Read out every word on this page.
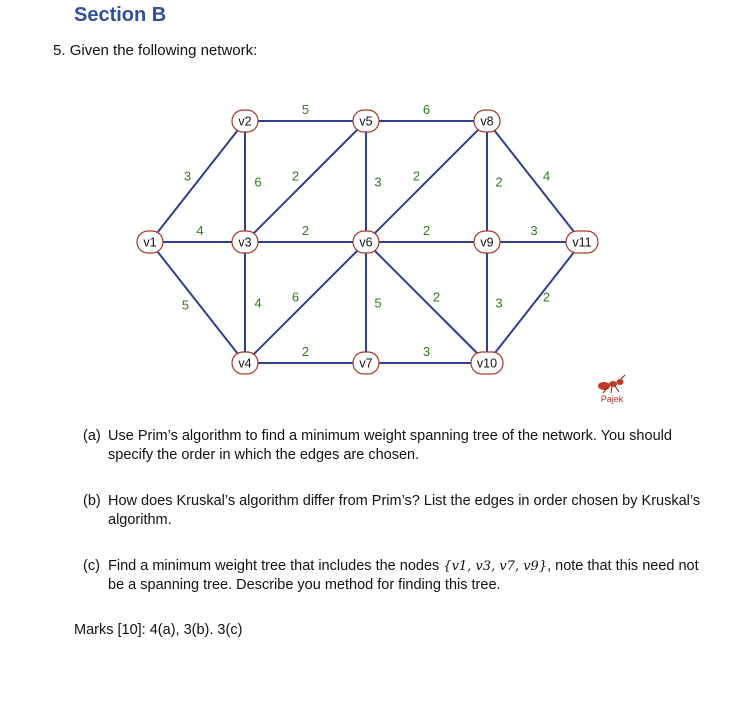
Section B
5. Given the following network:
3
4
5
5
6 2
2
4 6
2
6
3 2
2
5	2
3
2	4
3
3	2
v1
v2
v3
v4
v5
v6
v7
v8
v9
v10
v11
Pajek
(a) Use Prim’s algorithm to find a minimum weight spanning tree of the network. You should specify the order in which the edges are chosen.
(b) How does Kruskal’s algorithm differ from Prim’s? List the edges in order chosen by Kruskal’s algorithm.
(c) Find a minimum weight tree that includes the nodes {v1, v3, v7, v9}, note that this need not be a spanning tree. Describe you method for finding this tree.
Marks [10]: 4(a), 3(b). 3(c)
